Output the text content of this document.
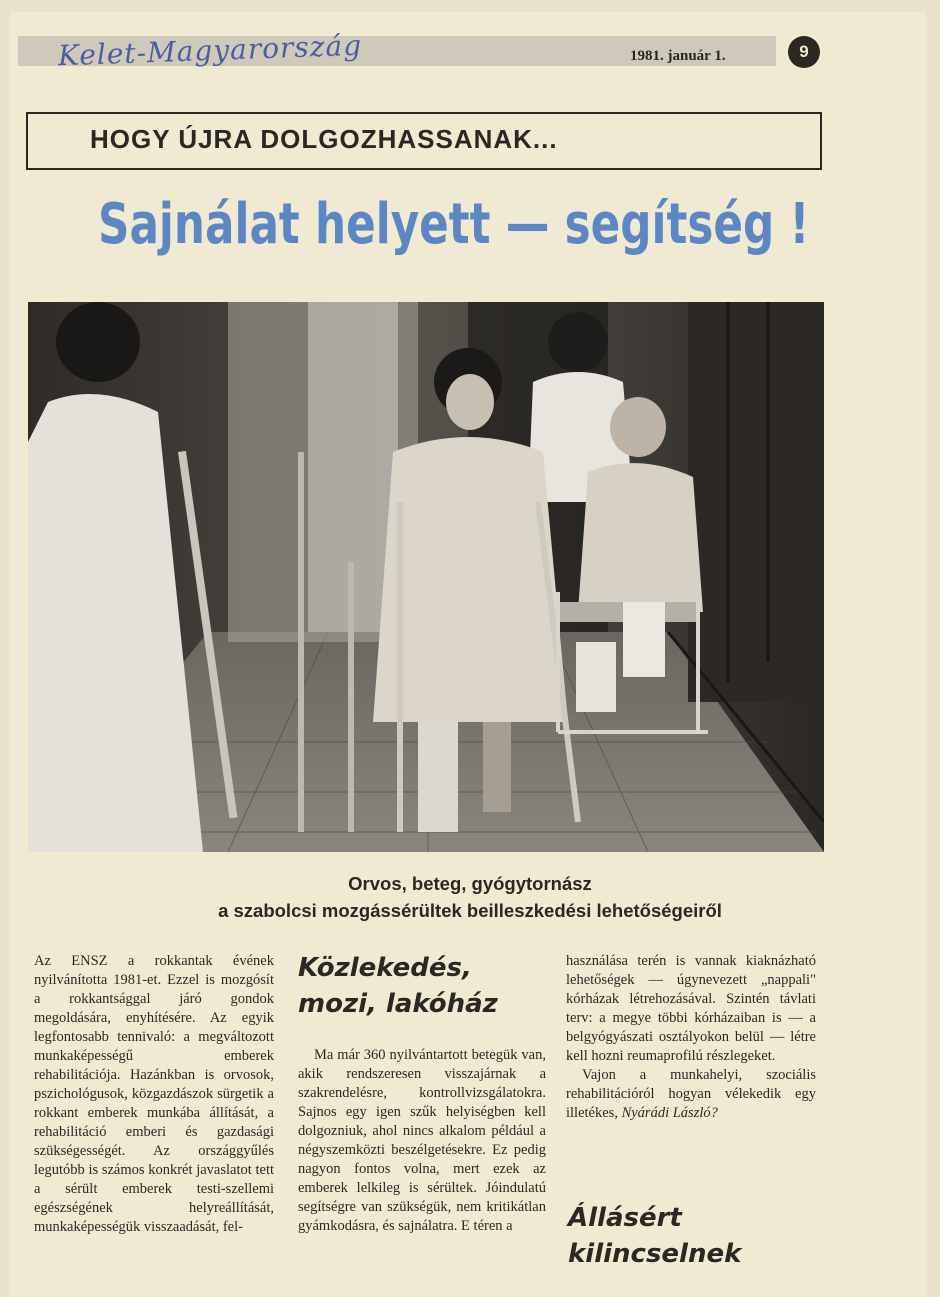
Kelet-Magyarország	1981. január 1.	9
HOGY ÚJRA DOLGOZHASSANAK...
Sajnálat helyett — segítség !
Orvos, beteg, gyógytornász
a szabolcsi mozgássérültek beilleszkedési lehetőségeiről

Az ENSZ a rokkantak évének nyilvánította 1981-et. Ezzel is mozgósít a rokkantsággal járó gondok megoldására, enyhítésére. Az egyik legfontosabb tennivaló: a megváltozott munkaképességű emberek rehabilitációja. Hazánkban is orvosok, pszichológusok, közgazdászok sürgetik a rokkant emberek munkába állítását, a rehabilitáció emberi és gazdasági szükségességét. Az országgyűlés legutóbb is számos konkrét javaslatot tett a sérült emberek testi-szellemi egészségének helyreállítását, munkaképességük visszaadását, fel-

Közlekedés,
mozi, lakóház

Ma már 360 nyilvántartott betegük van, akik rendszeresen visszajárnak a szakrendelésre, kontrollvizsgálatokra. Sajnos egy igen szűk helyiségben kell dolgozniuk, ahol nincs alkalom például a négyszemközti beszélgetésekre. Ez pedig nagyon fontos volna, mert ezek az emberek lelkileg is sérültek. Jóindulatú segítségre van szükségük, nem kritikátlan gyámkodásra, és sajnálatra. E téren a

használása terén is vannak kiaknázható lehetőségek — úgynevezett „nappali" kórházak létrehozásával. Szintén távlati terv: a megye többi kórházaiban is — a belgyógyászati osztályokon belül — létre kell hozni reumaprofilú részlegeket.

Vajon a munkahelyi, szociális rehabilitációról hogyan vélekedik egy illetékes, Nyárádi László?

Állásért
kilincselnek
